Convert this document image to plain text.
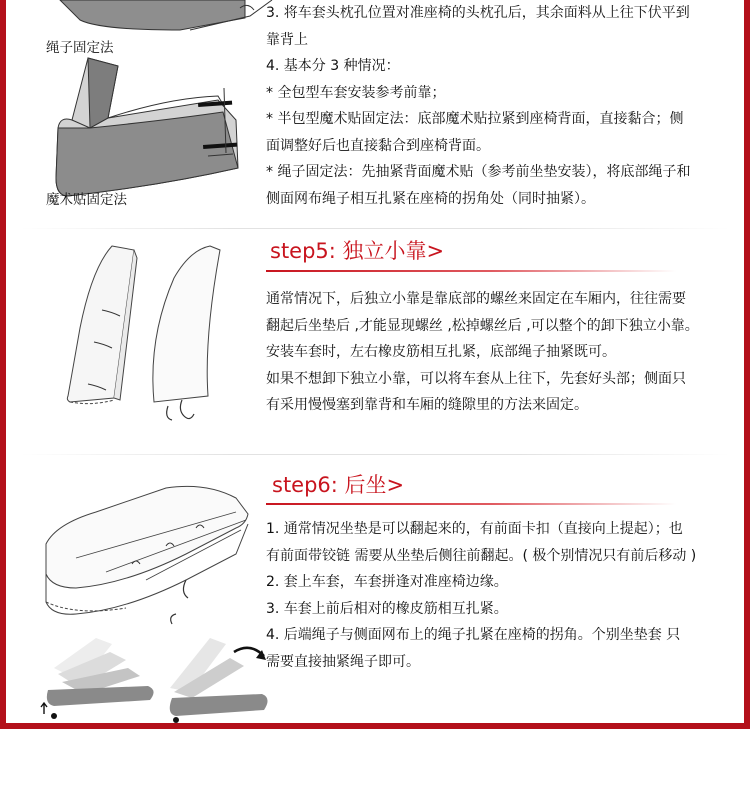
绳子固定法
魔术贴固定法
3. 将车套头枕孔位置对准座椅的头枕孔后，其余面料从上往下伏平到
靠背上
4. 基本分 3 种情况：
* 全包型车套安装参考前靠；
* 半包型魔术贴固定法：底部魔术贴拉紧到座椅背面，直接黏合；侧
面调整好后也直接黏合到座椅背面。
* 绳子固定法：先抽紧背面魔术贴（参考前坐垫安装），将底部绳子和
侧面网布绳子相互扎紧在座椅的拐角处（同时抽紧）。
step5: 独立小靠>
通常情况下，后独立小靠是靠底部的螺丝来固定在车厢内，往往需要
翻起后坐垫后 ,才能显现螺丝 ,松掉螺丝后 ,可以整个的卸下独立小靠。
安装车套时，左右橡皮筋相互扎紧，底部绳子抽紧既可。
如果不想卸下独立小靠，可以将车套从上往下，先套好头部；侧面只
有采用慢慢塞到靠背和车厢的缝隙里的方法来固定。
step6: 后坐>
1. 通常情况坐垫是可以翻起来的，有前面卡扣（直接向上提起）；也
有前面带铰链 需要从坐垫后侧往前翻起。( 极个别情况只有前后移动 )
2. 套上车套，车套拼逢对准座椅边缘。
3. 车套上前后相对的橡皮筋相互扎紧。
4. 后端绳子与侧面网布上的绳子扎紧在座椅的拐角。个别坐垫套 只
需要直接抽紧绳子即可。
